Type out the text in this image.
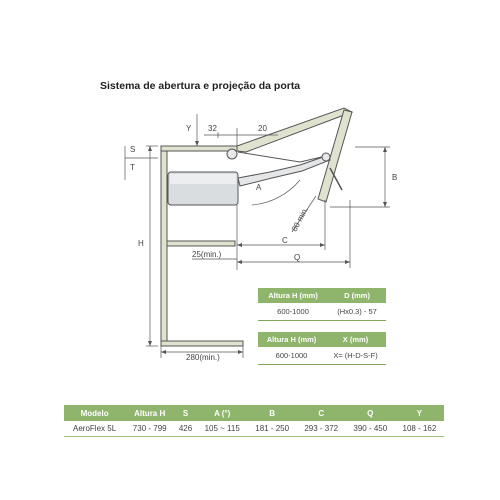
Sistema de abertura e projeção da porta
Y 32	20
S
T
A
B
C
H
Q
80 min.
25(min.)
280(min.)
Altura H (mm)	D (mm)
600-1000	(Hx0.3) - 57
Altura H (mm)	X (mm)
600-1000	X= (H-D-S-F)
Modelo	Altura H	S	A (°)	B	C	Q	Y
AeroFlex 5L	730 - 799	426	105 ~ 115	181 - 250	293 - 372	390 - 450	108 - 162
